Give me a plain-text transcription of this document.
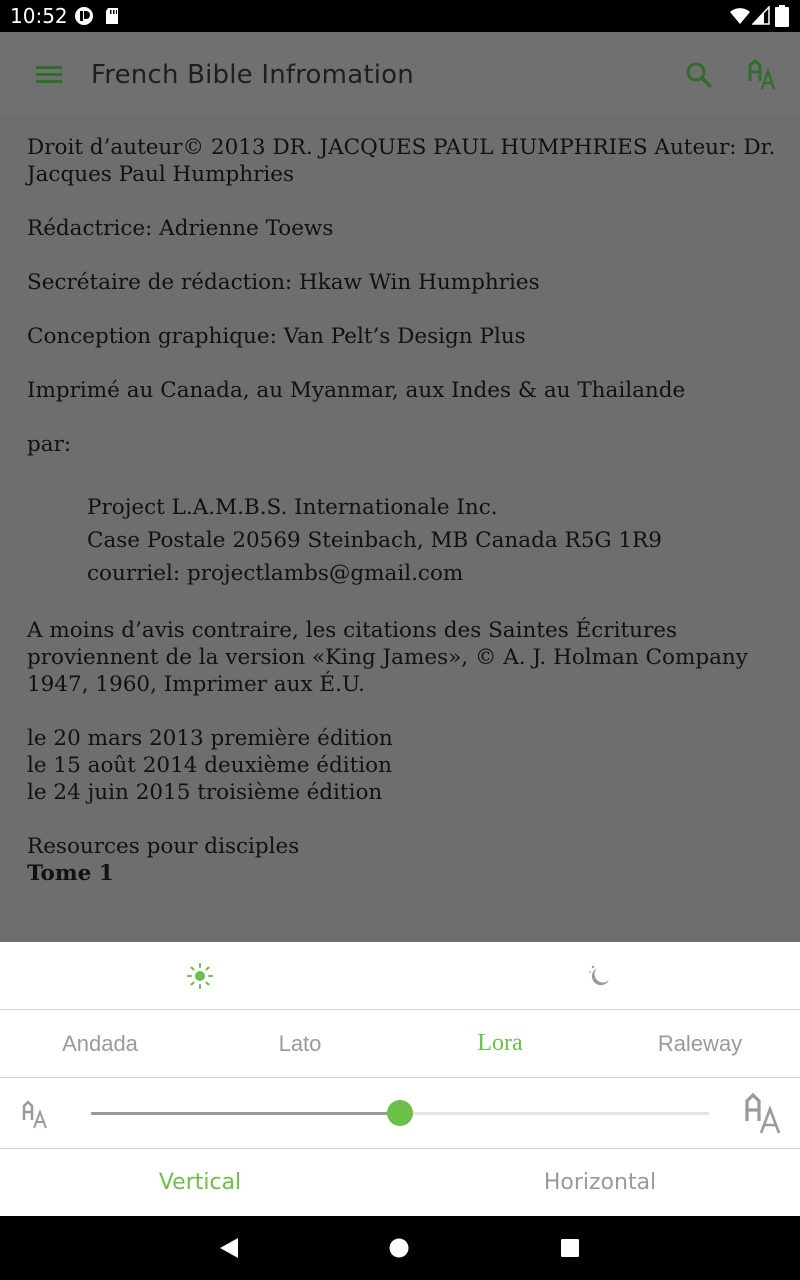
10:52
French Bible Infromation

Droit d’auteur© 2013 DR. JACQUES PAUL HUMPHRIES Auteur: Dr. Jacques Paul Humphries

Rédactrice: Adrienne Toews

Secrétaire de rédaction: Hkaw Win Humphries

Conception graphique: Van Pelt’s Design Plus

Imprimé au Canada, au Myanmar, aux Indes & au Thailande

par:

Project L.A.M.B.S. Internationale Inc.

Case Postale 20569 Steinbach, MB Canada R5G 1R9

courriel: projectlambs@gmail.com

A moins d’avis contraire, les citations des Saintes Écritures proviennent de la version «King James», © A. J. Holman Company 1947, 1960, Imprimer aux É.U.

le 20 mars 2013 première édition

le 15 août 2014 deuxième édition

le 24 juin 2015 troisième édition

Resources pour disciples

Tome 1

Andada	Lato	Lora	Raleway
Vertical	Horizontal
